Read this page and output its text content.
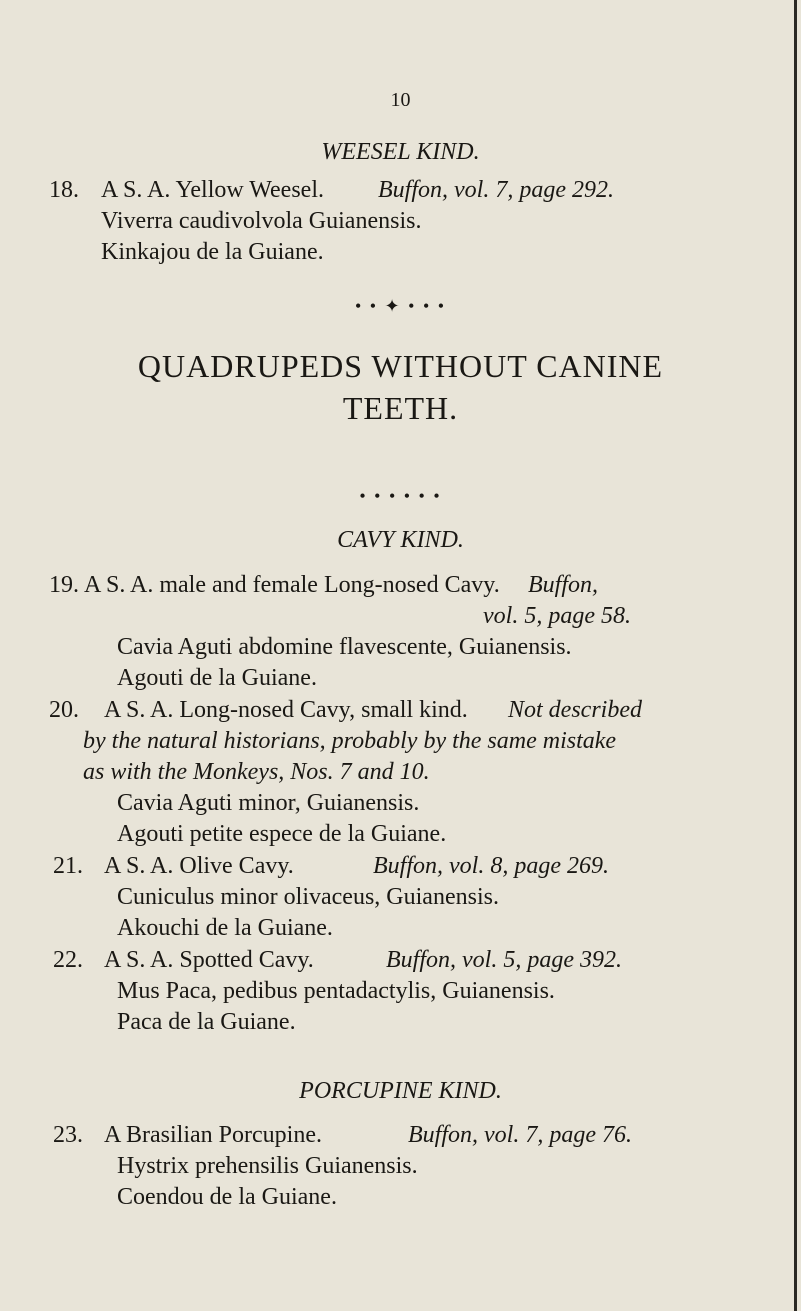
10
WEESEL KIND.
18. A S. A. Yellow Weesel. Buffon, vol. 7, page 292.
Viverra caudivolvola Guianensis.
Kinkajou de la Guiane.
• • ✦ • • •
QUADRUPEDS WITHOUT CANINE
TEETH.
• • • • • •
CAVY KIND.
19. A S. A. male and female Long-nosed Cavy. Buffon,
vol. 5, page 58.
Cavia Aguti abdomine flavescente, Guianensis.
Agouti de la Guiane.
20. A S. A. Long-nosed Cavy, small kind. Not described
by the natural historians, probably by the same mistake
as with the Monkeys, Nos. 7 and 10.
Cavia Aguti minor, Guianensis.
Agouti petite espece de la Guiane.
21. A S. A. Olive Cavy.	Buffon, vol. 8, page 269.
Cuniculus minor olivaceus, Guianensis.
Akouchi de la Guiane.
22. A S. A. Spotted Cavy.	Buffon, vol. 5, page 392.
Mus Paca, pedibus pentadactylis, Guianensis.
Paca de la Guiane.
PORCUPINE KIND.
23. A Brasilian Porcupine.	Buffon, vol. 7, page 76.
Hystrix prehensilis Guianensis.
Coendou de la Guiane.
